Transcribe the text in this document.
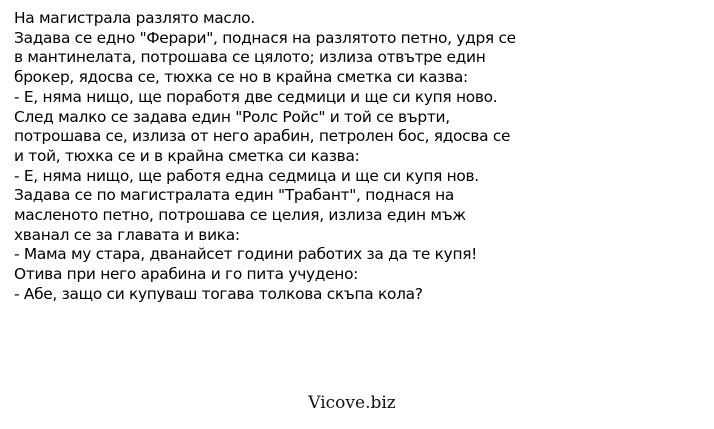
На магистрала разлято масло.
Задава се едно "Ферари", поднася на разлятото петно, удря се
в мантинелата, потрошава се цялото; излиза отвътре един
брокер, ядосва се, тюхка се но в крайна сметка си казва:
- Е, няма нищо, ще поработя две седмици и ще си купя ново.
След малко се задава един "Ролс Ройс" и той се върти,
потрошава се, излиза от него арабин, петролен бос, ядосва се
и той, тюхка се и в крайна сметка си казва:
- Е, няма нищо, ще работя една седмица и ще си купя нов.
Задава се по магистралата един "Трабант", поднася на
масленото петно, потрошава се целия, излиза един мъж
хванал се за главата и вика:
- Мама му стара, дванайсет години работих за да те купя!
Отива при него арабина и го пита учудено:
- Абе, защо си купуваш тогава толкова скъпа кола?
Vicove.biz
